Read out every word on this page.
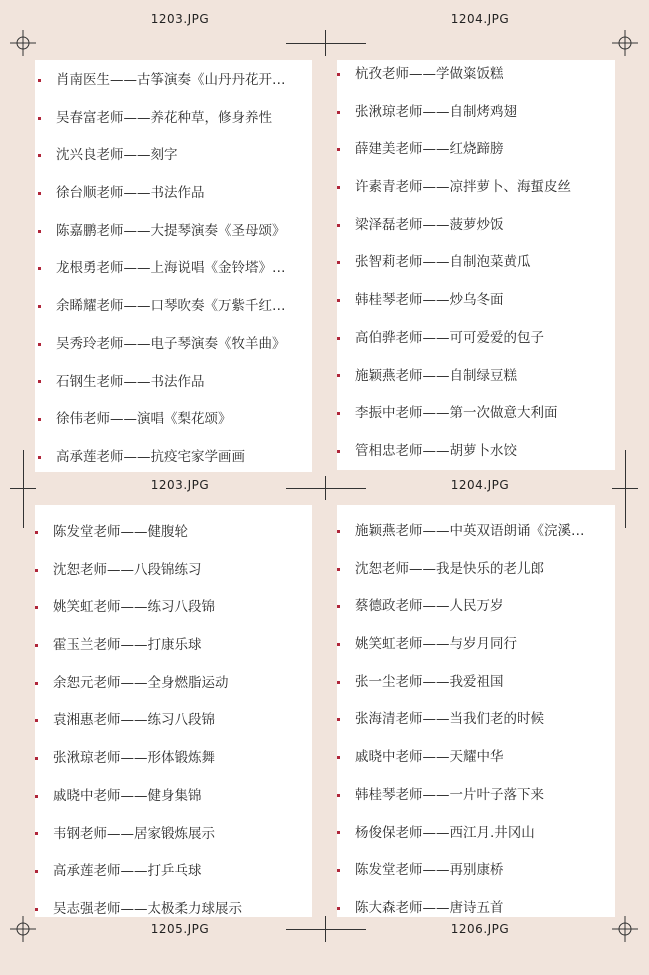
1203.JPG	1204.JPG
1203.JPG	1204.JPG
1205.JPG	1206.JPG
肖南医生——古筝演奏《山丹丹花开…
吴春富老师——养花种草，修身养性
沈兴良老师——刻字
徐台顺老师——书法作品
陈嘉鹏老师——大提琴演奏《圣母颂》
龙根勇老师——上海说唱《金铃塔》…
余睎耀老师——口琴吹奏《万紫千红…
吴秀玲老师——电子琴演奏《牧羊曲》
石钢生老师——书法作品
徐伟老师——演唱《梨花颂》
高承莲老师——抗疫宅家学画画
杭孜老师——学做粢饭糕
张湫琼老师——自制烤鸡翅
薛建美老师——红烧蹄膀
许素青老师——凉拌萝卜、海蜇皮丝
梁泽磊老师——菠萝炒饭
张智莉老师——自制泡菜黄瓜
韩桂琴老师——炒乌冬面
高伯骅老师——可可爱爱的包子
施颖燕老师——自制绿豆糕
李振中老师——第一次做意大利面
管相忠老师——胡萝卜水饺
陈发堂老师——健腹轮
沈恕老师——八段锦练习
姚笑虹老师——练习八段锦
霍玉兰老师——打康乐球
余恕元老师——全身燃脂运动
袁湘惠老师——练习八段锦
张湫琼老师——形体锻炼舞
戚晓中老师——健身集锦
韦钢老师——居家锻炼展示
高承莲老师——打乒乓球
吴志强老师——太极柔力球展示
施颖燕老师——中英双语朗诵《浣溪…
沈恕老师——我是快乐的老儿郎
蔡德政老师——人民万岁
姚笑虹老师——与岁月同行
张一尘老师——我爱祖国
张海清老师——当我们老的时候
戚晓中老师——天耀中华
韩桂琴老师——一片叶子落下来
杨俊保老师——西江月.井冈山
陈发堂老师——再别康桥
陈大森老师——唐诗五首
